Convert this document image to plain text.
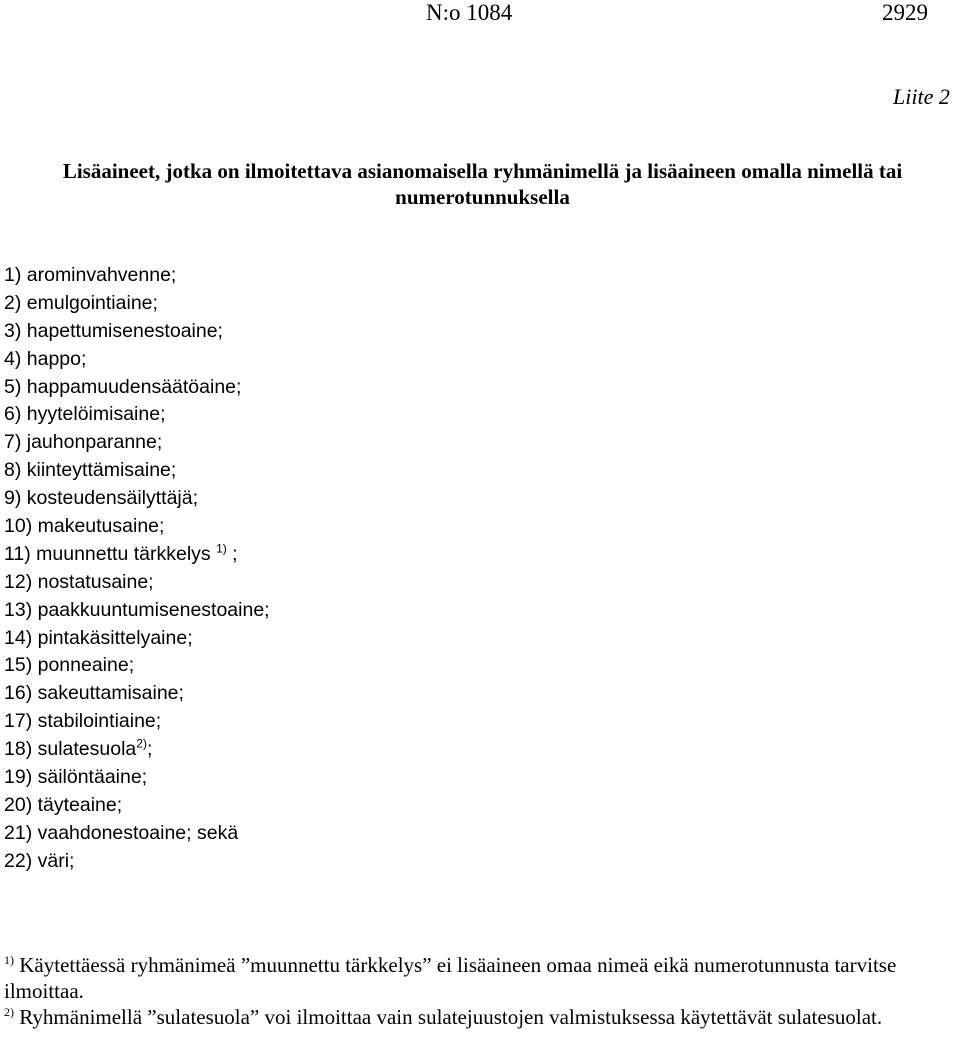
N:o 1084	2929
Liite 2
Lisäaineet, jotka on ilmoitettava asianomaisella ryhmänimellä ja lisäaineen omalla nimellä tai numerotunnuksella
1) arominvahvenne;
2) emulgointiaine;
3) hapettumisenestoaine;
4) happo;
5) happamuudensäätöaine;
6) hyytelöimisaine;
7) jauhonparanne;
8) kiinteyttämisaine;
9) kosteudensäilyttäjä;
10) makeutusaine;
11) muunnettu tärkkelys $^{1)}$ ;
12) nostatusaine;
13) paakkuuntumisenestoaine;
14) pintakäsittelyaine;
15) ponneaine;
16) sakeuttamisaine;
17) stabilointiaine;
18) sulatesuola$^{2)}$;
19) säilöntäaine;
20) täyteaine;
21) vaahdonestoaine; sekä
22) väri;

$^{1)}$ Käytettäessä ryhmänimeä ”muunnettu tärkkelys” ei lisäaineen omaa nimeä eikä numerotunnusta tarvitse ilmoittaa.

$^{2)}$ Ryhmänimellä ”sulatesuola” voi ilmoittaa vain sulatejuustojen valmistuksessa käytettävät sulatesuolat.
